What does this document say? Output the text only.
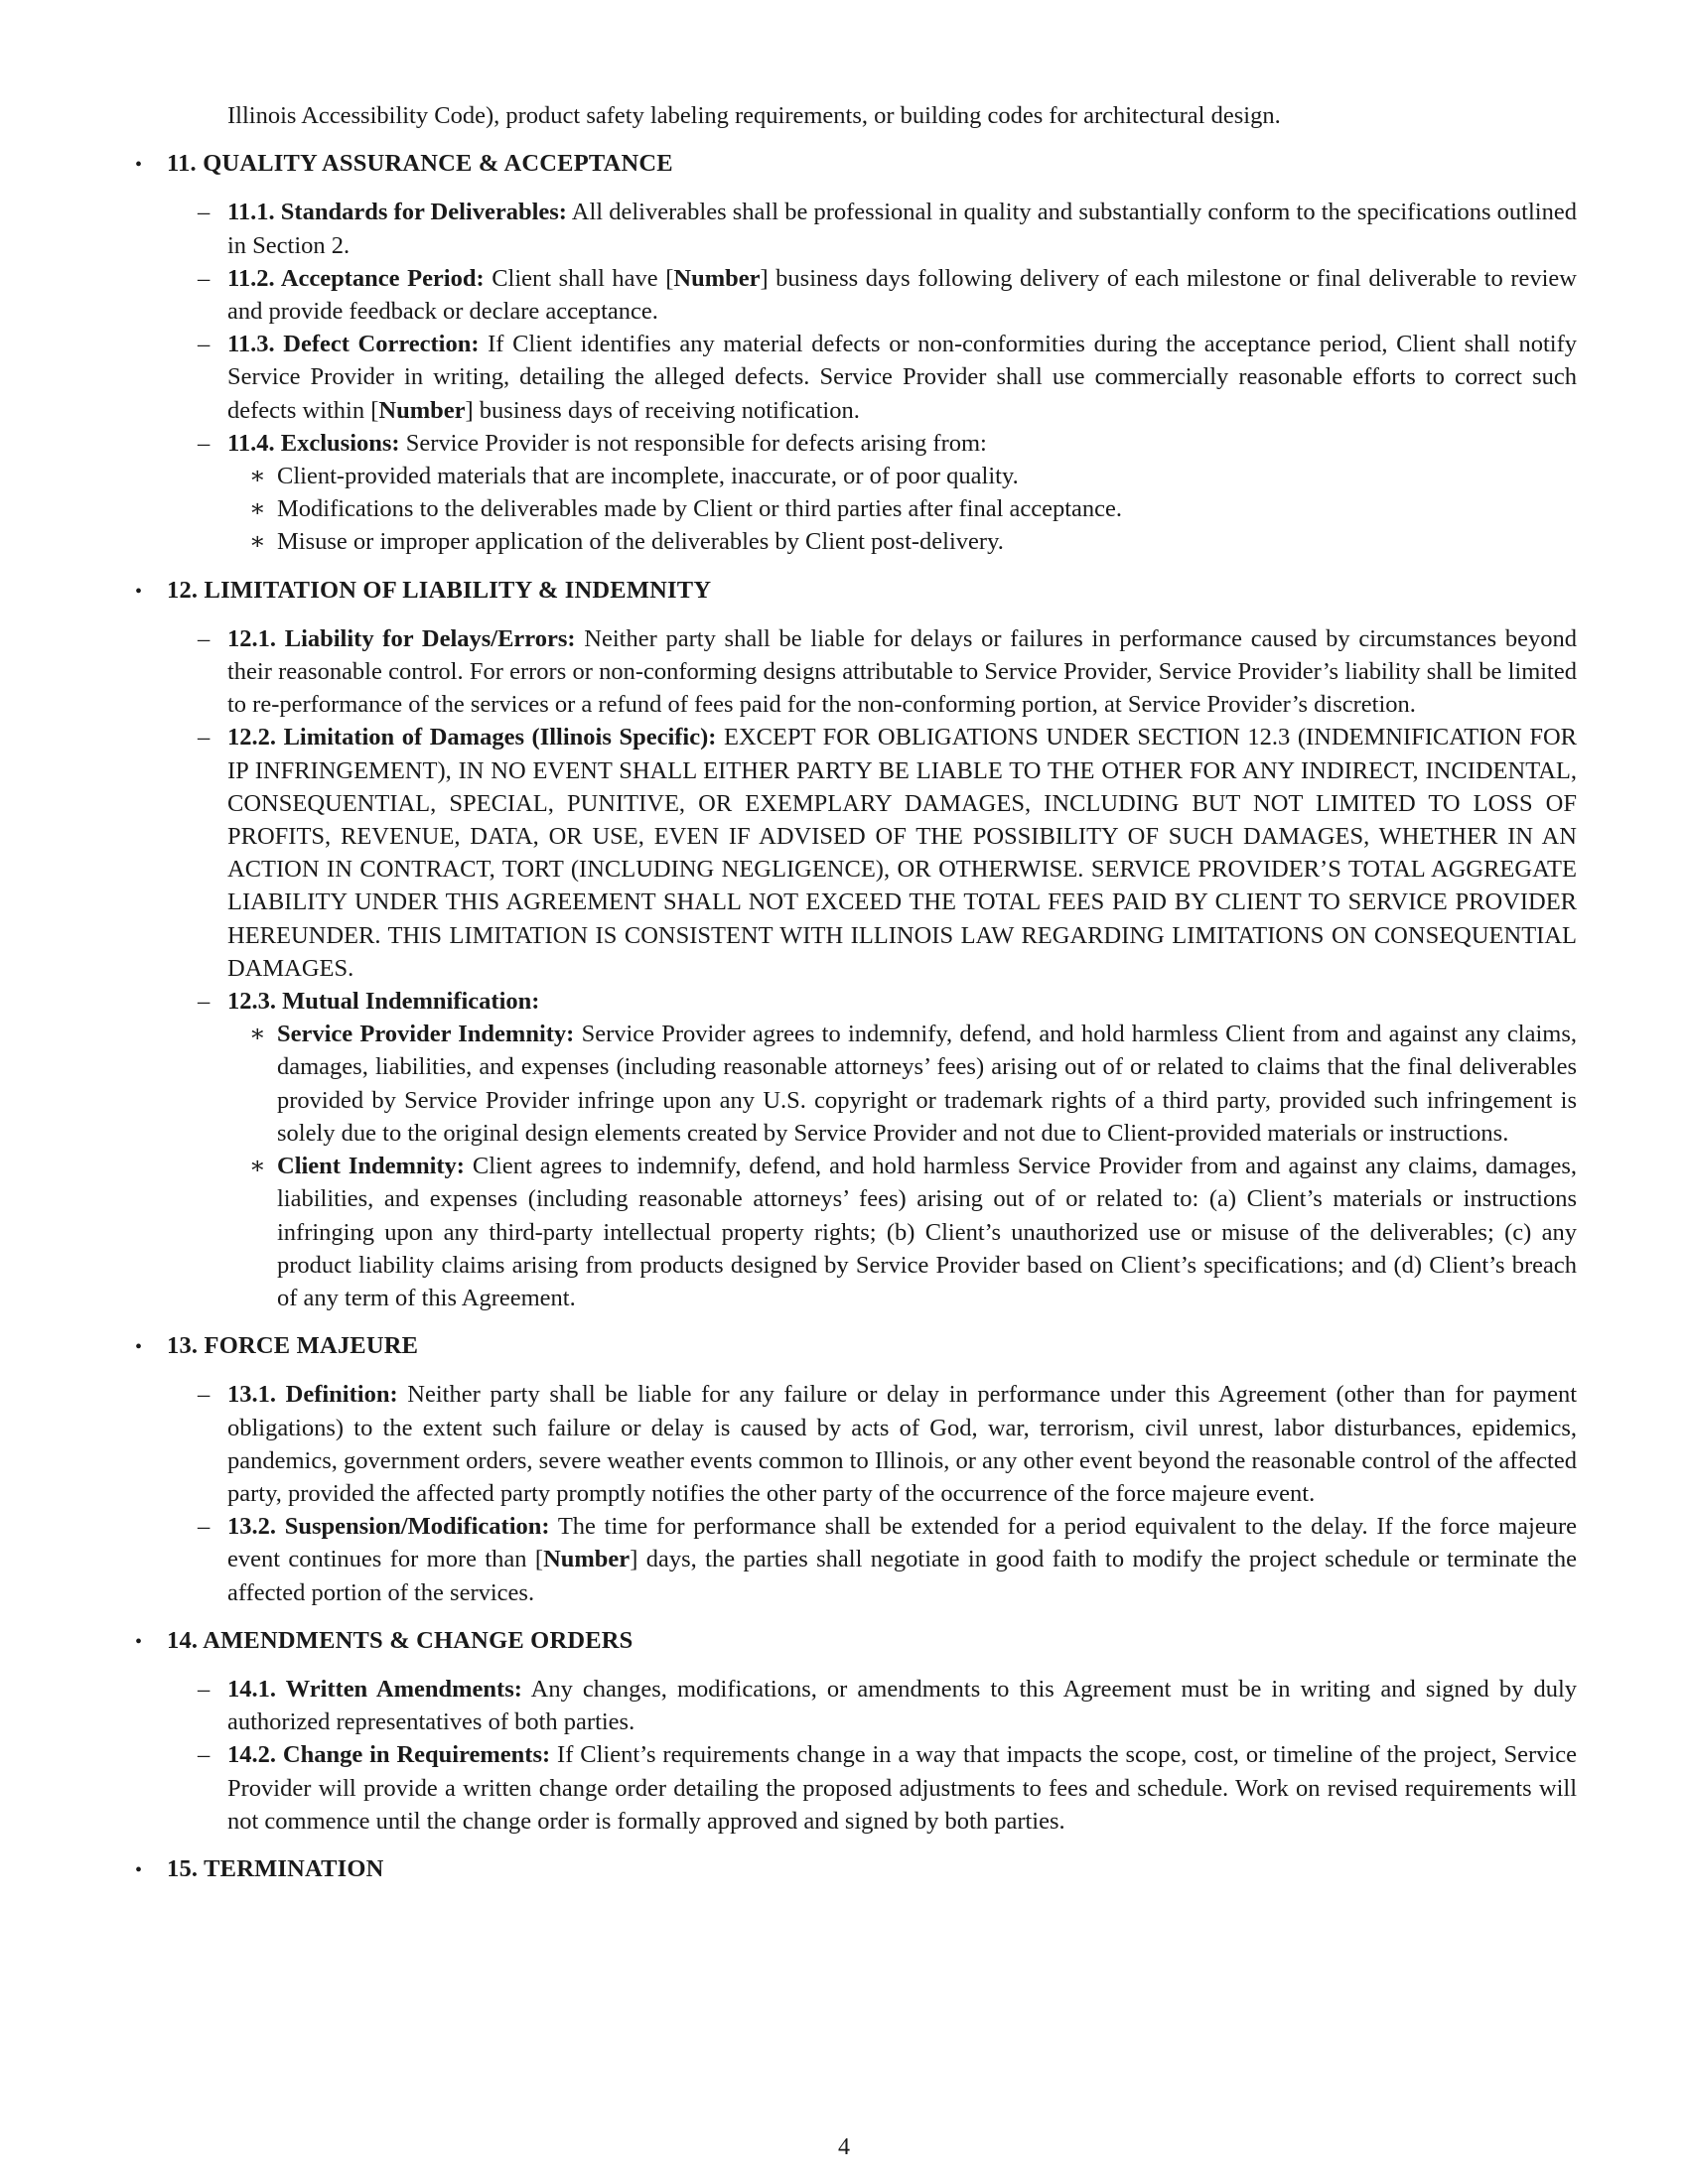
Illinois Accessibility Code), product safety labeling requirements, or building codes for architectural design.
•	11. QUALITY ASSURANCE & ACCEPTANCE
– 11.1. Standards for Deliverables: All deliverables shall be professional in quality and substantially conform to the specifications outlined in Section 2.
– 11.2. Acceptance Period: Client shall have [Number] business days following delivery of each milestone or final deliverable to review and provide feedback or declare acceptance.
– 11.3. Defect Correction: If Client identifies any material defects or non-conformities during the acceptance period, Client shall notify Service Provider in writing, detailing the alleged defects. Service Provider shall use commercially reasonable efforts to correct such defects within [Number] business days of receiving notification.
– 11.4. Exclusions: Service Provider is not responsible for defects arising from:
∗ Client-provided materials that are incomplete, inaccurate, or of poor quality.
∗ Modifications to the deliverables made by Client or third parties after final acceptance.
∗ Misuse or improper application of the deliverables by Client post-delivery.
•	12. LIMITATION OF LIABILITY & INDEMNITY
– 12.1. Liability for Delays/Errors: Neither party shall be liable for delays or failures in performance caused by circumstances beyond their reasonable control. For errors or non-conforming designs attributable to Service Provider, Service Provider’s liability shall be limited to re-performance of the services or a refund of fees paid for the non-conforming portion, at Service Provider’s discretion.
– 12.2. Limitation of Damages (Illinois Specific): EXCEPT FOR OBLIGATIONS UNDER SECTION 12.3 (INDEMNIFICATION FOR IP INFRINGEMENT), IN NO EVENT SHALL EITHER PARTY BE LIABLE TO THE OTHER FOR ANY INDIRECT, INCIDENTAL, CONSEQUENTIAL, SPECIAL, PUNITIVE, OR EXEMPLARY DAMAGES, INCLUDING BUT NOT LIMITED TO LOSS OF PROFITS, REVENUE, DATA, OR USE, EVEN IF ADVISED OF THE POSSIBILITY OF SUCH DAMAGES, WHETHER IN AN ACTION IN CONTRACT, TORT (INCLUDING NEGLIGENCE), OR OTHERWISE. SERVICE PROVIDER’S TOTAL AGGREGATE LIABILITY UNDER THIS AGREEMENT SHALL NOT EXCEED THE TOTAL FEES PAID BY CLIENT TO SERVICE PROVIDER HEREUNDER. THIS LIMITATION IS CONSISTENT WITH ILLINOIS LAW REGARDING LIMITATIONS ON CONSEQUENTIAL DAMAGES.
– 12.3. Mutual Indemnification:
∗ Service Provider Indemnity: Service Provider agrees to indemnify, defend, and hold harmless Client from and against any claims, damages, liabilities, and expenses (including reasonable attorneys’ fees) arising out of or related to claims that the final deliverables provided by Service Provider infringe upon any U.S. copyright or trademark rights of a third party, provided such infringement is solely due to the original design elements created by Service Provider and not due to Client-provided materials or instructions.
∗ Client Indemnity: Client agrees to indemnify, defend, and hold harmless Service Provider from and against any claims, damages, liabilities, and expenses (including reasonable attorneys’ fees) arising out of or related to: (a) Client’s materials or instructions infringing upon any third-party intellectual property rights; (b) Client’s unauthorized use or misuse of the deliverables; (c) any product liability claims arising from products designed by Service Provider based on Client’s specifications; and (d) Client’s breach of any term of this Agreement.
•	13. FORCE MAJEURE
– 13.1. Definition: Neither party shall be liable for any failure or delay in performance under this Agreement (other than for payment obligations) to the extent such failure or delay is caused by acts of God, war, terrorism, civil unrest, labor disturbances, epidemics, pandemics, government orders, severe weather events common to Illinois, or any other event beyond the reasonable control of the affected party, provided the affected party promptly notifies the other party of the occurrence of the force majeure event.
– 13.2. Suspension/Modification: The time for performance shall be extended for a period equivalent to the delay. If the force majeure event continues for more than [Number] days, the parties shall negotiate in good faith to modify the project schedule or terminate the affected portion of the services.
•	14. AMENDMENTS & CHANGE ORDERS
– 14.1. Written Amendments: Any changes, modifications, or amendments to this Agreement must be in writing and signed by duly authorized representatives of both parties.
– 14.2. Change in Requirements: If Client’s requirements change in a way that impacts the scope, cost, or timeline of the project, Service Provider will provide a written change order detailing the proposed adjustments to fees and schedule. Work on revised requirements will not commence until the change order is formally approved and signed by both parties.
•	15. TERMINATION
4
